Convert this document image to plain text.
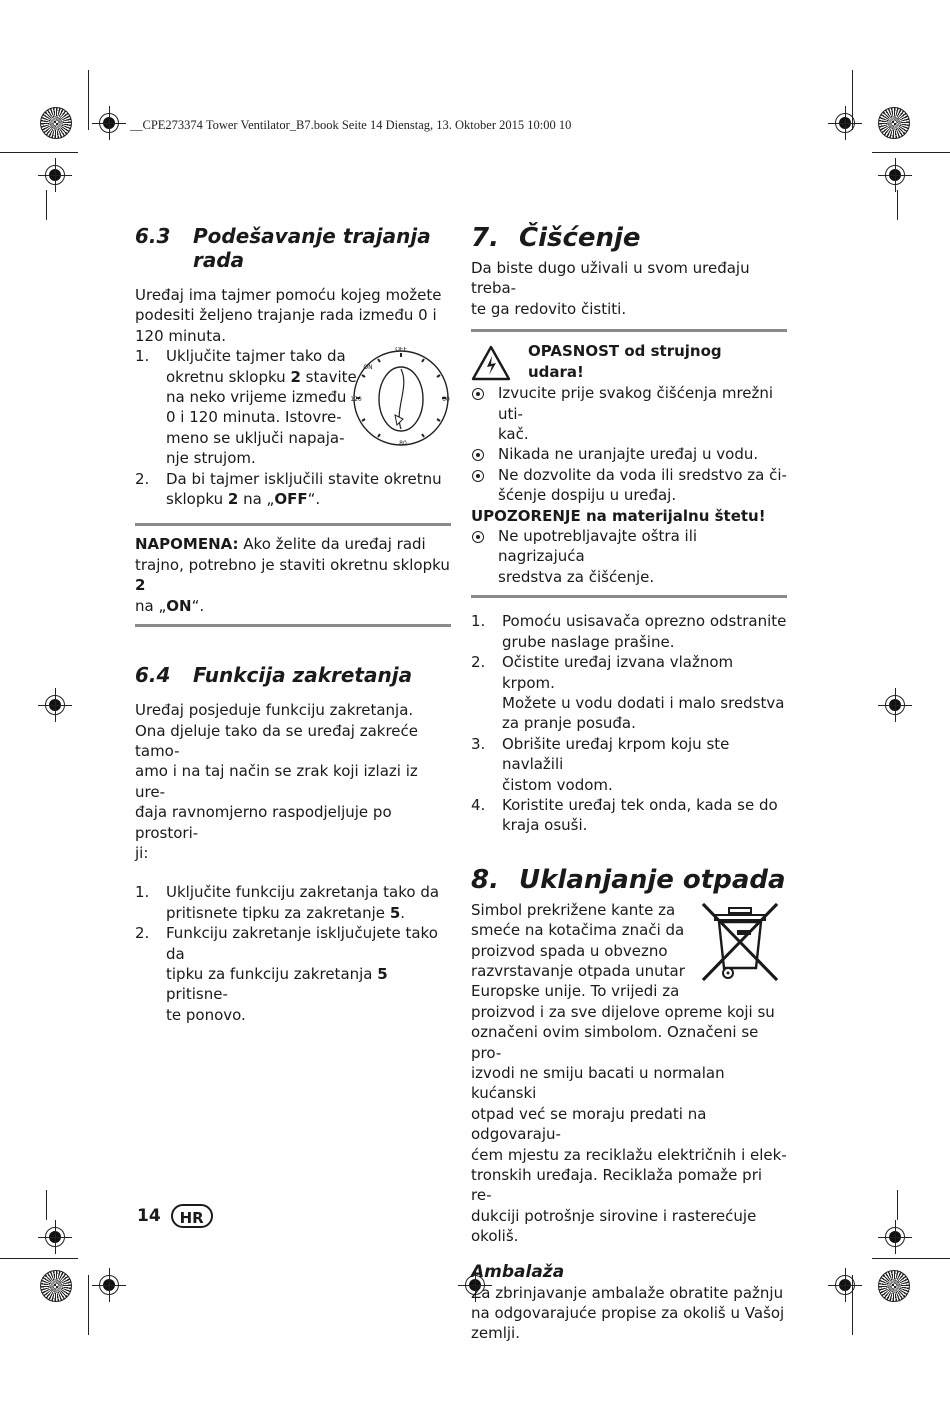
__CPE273374 Tower Ventilator_B7.book Seite 14 Dienstag, 13. Oktober 2015 10:00 10
6.3 Podešavanje trajanja
rada
Uređaj ima tajmer pomoću kojeg možete
podesiti željeno trajanje rada između 0 i
120 minuta.
1. Uključite tajmer tako da
okretnu sklopku 2 stavite
na neko vrijeme između
0 i 120 minuta. Istovre-
meno se uključi napaja-
nje strujom.
2. Da bi tajmer isključili stavite okretnu
sklopku 2 na „OFF“.
NAPOMENA: Ako želite da uređaj radi
trajno, potrebno je staviti okretnu sklopku 2
na „ON“.
6.4 Funkcija zakretanja
Uređaj posjeduje funkciju zakretanja.
Ona djeluje tako da se uređaj zakreće tamo-
amo i na taj način se zrak koji izlazi iz ure-
đaja ravnomjerno raspodjeljuje po prostori-
ji:
1. Uključite funkciju zakretanja tako da
pritisnete tipku za zakretanje 5.
2. Funkciju zakretanje isključujete tako da
tipku za funkciju zakretanja 5 pritisne-
te ponovo.
OFF
ON
120	60
80
7. Čišćenje
Da biste dugo uživali u svom uređaju treba-
te ga redovito čistiti.
OPASNOST od strujnog
udara!
Izvucite prije svakog čišćenja mrežni uti-
kač.
Nikada ne uranjajte uređaj u vodu.
Ne dozvolite da voda ili sredstvo za či-
šćenje dospiju u uređaj.
UPOZORENJE na materijalnu štetu!
Ne upotrebljavajte oštra ili nagrizajuća
sredstva za čišćenje.
1. Pomoću usisavača oprezno odstranite
grube naslage prašine.
2. Očistite uređaj izvana vlažnom krpom.
Možete u vodu dodati i malo sredstva
za pranje posuđa.
3. Obrišite uređaj krpom koju ste navlažili
čistom vodom.
4. Koristite uređaj tek onda, kada se do
kraja osuši.
8. Uklanjanje otpada
Simbol prekrižene kante za
smeće na kotačima znači da
proizvod spada u obvezno
razvrstavanje otpada unutar
Europske unije. To vrijedi za
proizvod i za sve dijelove opreme koji su
označeni ovim simbolom. Označeni se pro-
izvodi ne smiju bacati u normalan kućanski
otpad već se moraju predati na odgovaraju-
ćem mjestu za reciklažu električnih i elek-
tronskih uređaja. Reciklaža pomaže pri re-
dukciji potrošnje sirovine i rasterećuje
okoliš.
Ambalaža
Za zbrinjavanje ambalaže obratite pažnju
na odgovarajuće propise za okoliš u Vašoj
zemlji.
14 HR
